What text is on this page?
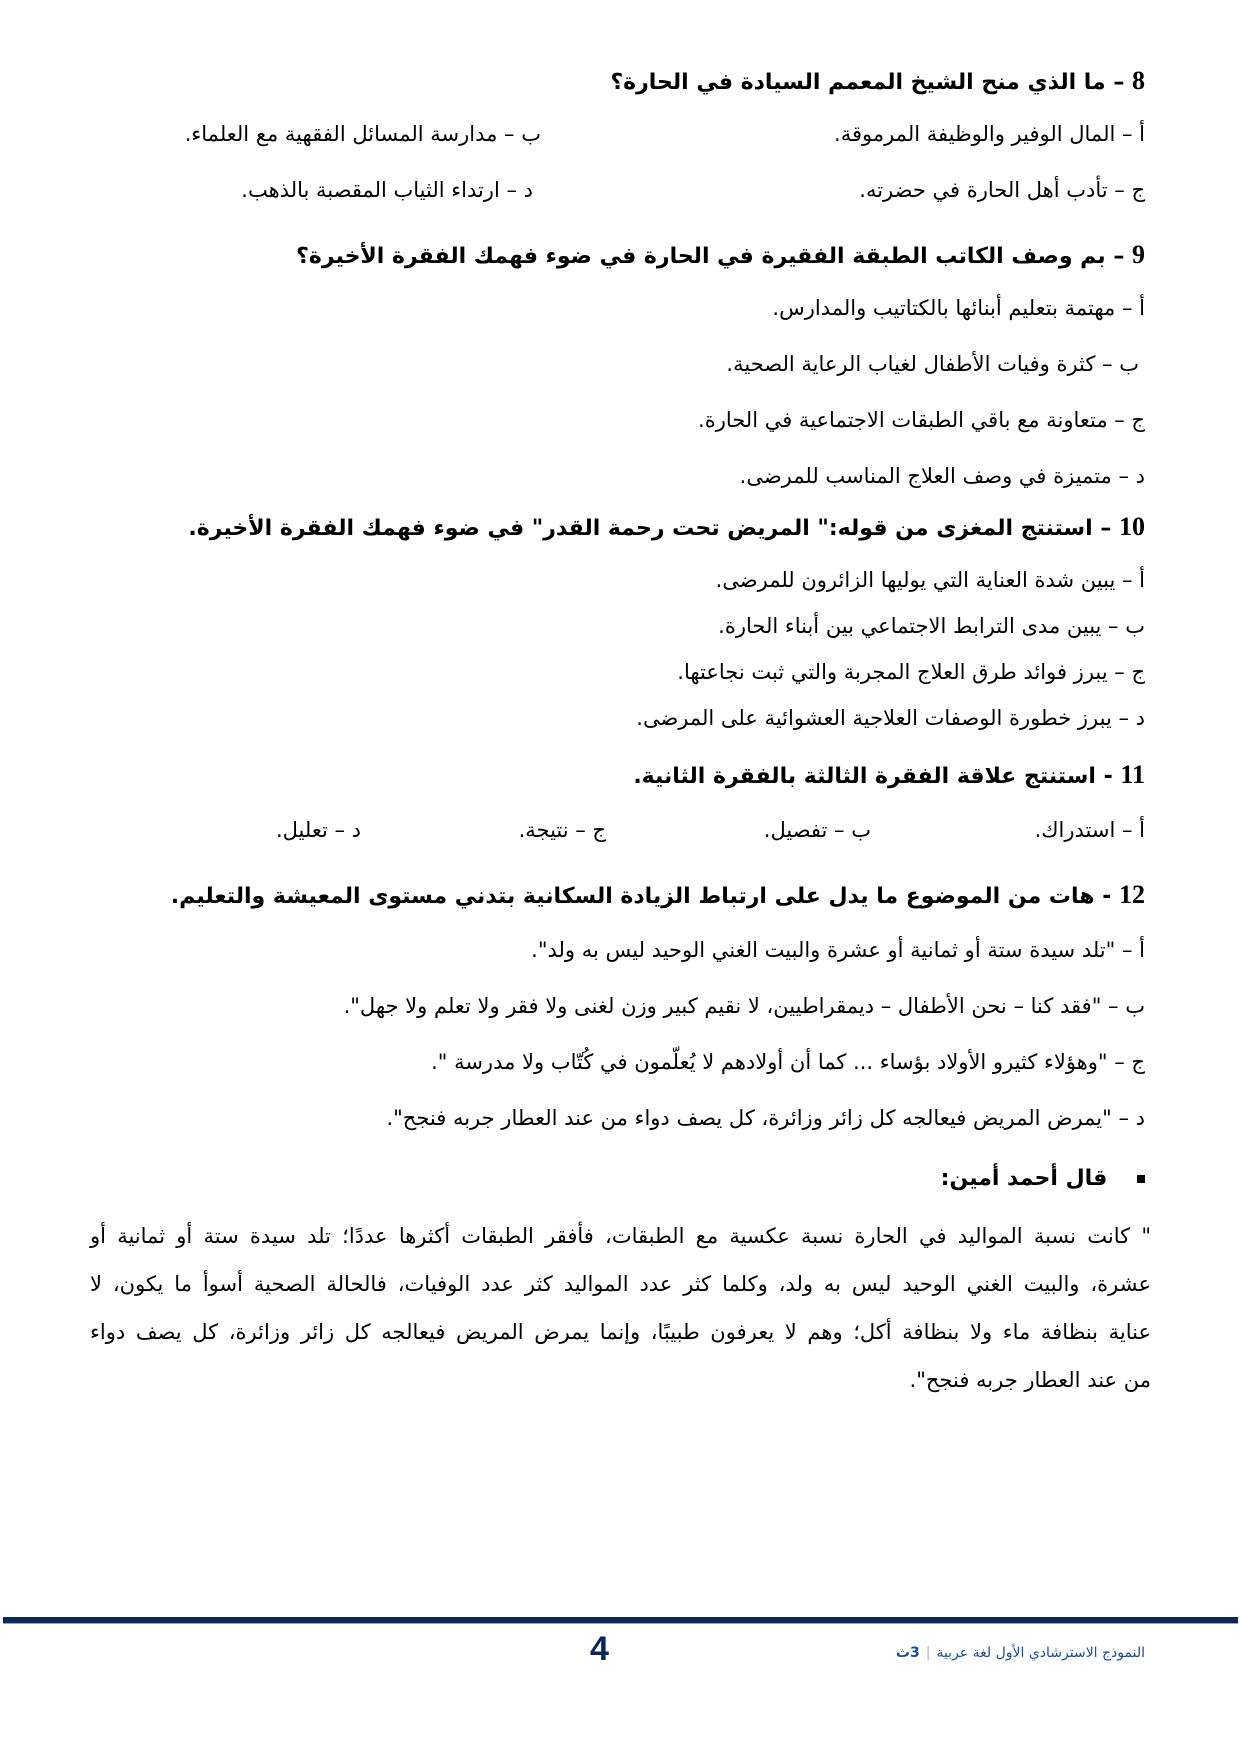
8 – ما الذي منح الشيخ المعمم السيادة في الحارة؟
أ – المال الوفير والوظيفة المرموقة.
ب – مدارسة المسائل الفقهية مع العلماء.
ج – تأدب أهل الحارة في حضرته.
د – ارتداء الثياب المقصبة بالذهب.
9 – بم وصف الكاتب الطبقة الفقيرة في الحارة في ضوء فهمك الفقرة الأخيرة؟
أ – مهتمة بتعليم أبنائها بالكتاتيب والمدارس.
ب – كثرة وفيات الأطفال لغياب الرعاية الصحية.
ج – متعاونة مع باقي الطبقات الاجتماعية في الحارة.
د – متميزة في وصف العلاج المناسب للمرضى.
10 – استنتج المغزى من قوله:" المريض تحت رحمة القدر" في ضوء فهمك الفقرة الأخيرة.
أ – يبين شدة العناية التي يوليها الزائرون للمرضى.
ب – يبين مدى الترابط الاجتماعي بين أبناء الحارة.
ج – يبرز فوائد طرق العلاج المجربة والتي ثبت نجاعتها.
د – يبرز خطورة الوصفات العلاجية العشوائية على المرضى.
11 - استنتج علاقة الفقرة الثالثة بالفقرة الثانية.
أ – استدراك.
ب – تفصيل.
ج – نتيجة.
د – تعليل.
12 - هات من الموضوع ما يدل على ارتباط الزيادة السكانية بتدني مستوى المعيشة والتعليم.
أ – "تلد سيدة ستة أو ثمانية أو عشرة والبيت الغني الوحيد ليس به ولد".
ب – "فقد كنا – نحن الأطفال – ديمقراطيين، لا نقيم كبير وزن لغنى ولا فقر ولا تعلم ولا جهل".
ج – "وهؤلاء كثيرو الأولاد بؤساء ... كما أن أولادهم لا يُعلّمون في كُتّاب ولا مدرسة ".
د – "يمرض المريض فيعالجه كل زائر وزائرة، كل يصف دواء من عند العطار جربه فنجح".
قال أحمد أمين:

" كانت نسبة المواليد في الحارة نسبة عكسية مع الطبقات، فأفقر الطبقات أكثرها عددًا؛ تلد سيدة ستة أو ثمانية أو

عشرة، والبيت الغني الوحيد ليس به ولد، وكلما كثر عدد المواليد كثر عدد الوفيات، فالحالة الصحية أسوأ ما يكون، لا

عناية بنظافة ماء ولا بنظافة أكل؛ وهم لا يعرفون طبيبًا، وإنما يمرض المريض فيعالجه كل زائر وزائرة، كل يصف دواء

من عند العطار جربه فنجح".

4	النموذج الاسترشادي الأول لغة عربية|3ث
